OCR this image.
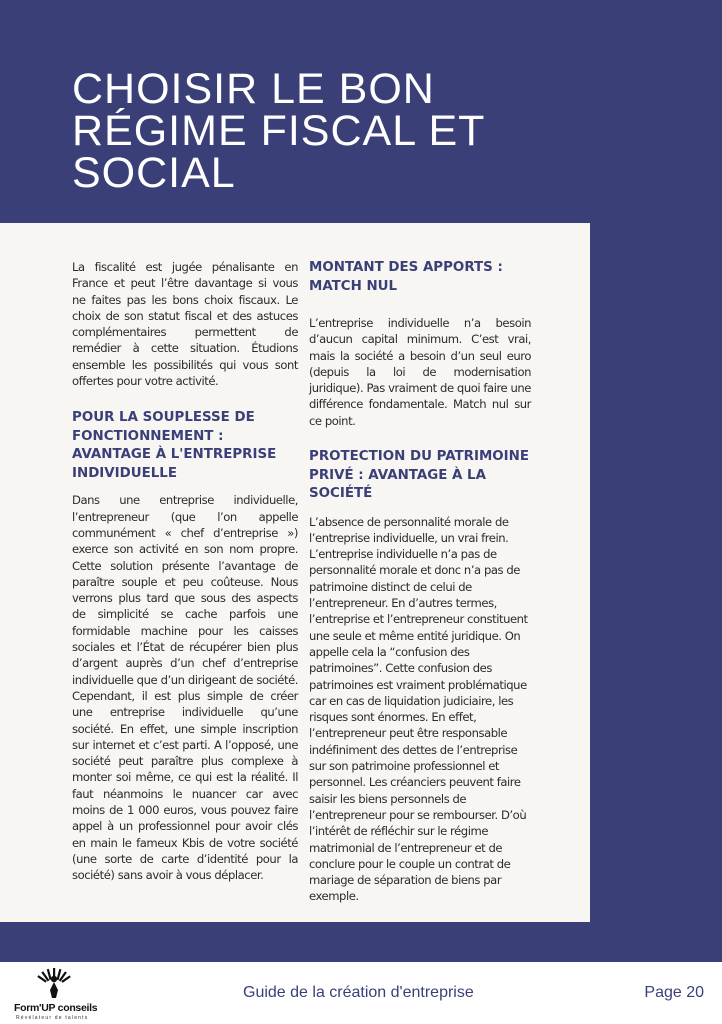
CHOISIR LE BON
RÉGIME FISCAL ET
SOCIAL

La fiscalité est jugée pénalisante en France et peut l’être davantage si vous ne faites pas les bons choix fiscaux. Le choix de son statut fiscal et des astuces complémentaires permettent de remédier à cette situation. Étudions ensemble les possibilités qui vous sont offertes pour votre activité.

POUR LA SOUPLESSE DE FONCTIONNEMENT : AVANTAGE À L'ENTREPRISE INDIVIDUELLE

Dans une entreprise individuelle, l’entrepreneur (que l’on appelle communément « chef d’entreprise ») exerce son activité en son nom propre. Cette solution présente l’avantage de paraître souple et peu coûteuse. Nous verrons plus tard que sous des aspects de simplicité se cache parfois une formidable machine pour les caisses sociales et l’État de récupérer bien plus d’argent auprès d’un chef d’entreprise individuelle que d’un dirigeant de société. Cependant, il est plus simple de créer une entreprise individuelle qu’une société. En effet, une simple inscription sur internet et c’est parti. A l’opposé, une société peut paraître plus complexe à monter soi même, ce qui est la réalité. Il faut néanmoins le nuancer car avec moins de 1 000 euros, vous pouvez faire appel à un professionnel pour avoir clés en main le fameux Kbis de votre société (une sorte de carte d’identité pour la société) sans avoir à vous déplacer.

MONTANT DES APPORTS : MATCH NUL

L’entreprise individuelle n’a besoin d’aucun capital minimum. C’est vrai, mais la société a besoin d’un seul euro (depuis la loi de modernisation juridique). Pas vraiment de quoi faire une différence fondamentale. Match nul sur ce point.

PROTECTION DU PATRIMOINE PRIVÉ : AVANTAGE À LA SOCIÉTÉ

L’absence de personnalité morale de l’entreprise individuelle, un vrai frein. L’entreprise individuelle n’a pas de personnalité morale et donc n’a pas de patrimoine distinct de celui de l’entrepreneur. En d’autres termes, l’entreprise et l’entrepreneur constituent une seule et même entité juridique. On appelle cela la “confusion des patrimoines”. Cette confusion des patrimoines est vraiment problématique car en cas de liquidation judiciaire, les risques sont énormes. En effet, l’entrepreneur peut être responsable indéfiniment des dettes de l’entreprise sur son patrimoine professionnel et personnel. Les créanciers peuvent faire saisir les biens personnels de l’entrepreneur pour se rembourser. D’où l’intérêt de réfléchir sur le régime matrimonial de l’entrepreneur et de conclure pour le couple un contrat de mariage de séparation de biens par exemple.

Form'UP conseils
Révélateur de talents
Guide de la création d'entreprise	Page 20
